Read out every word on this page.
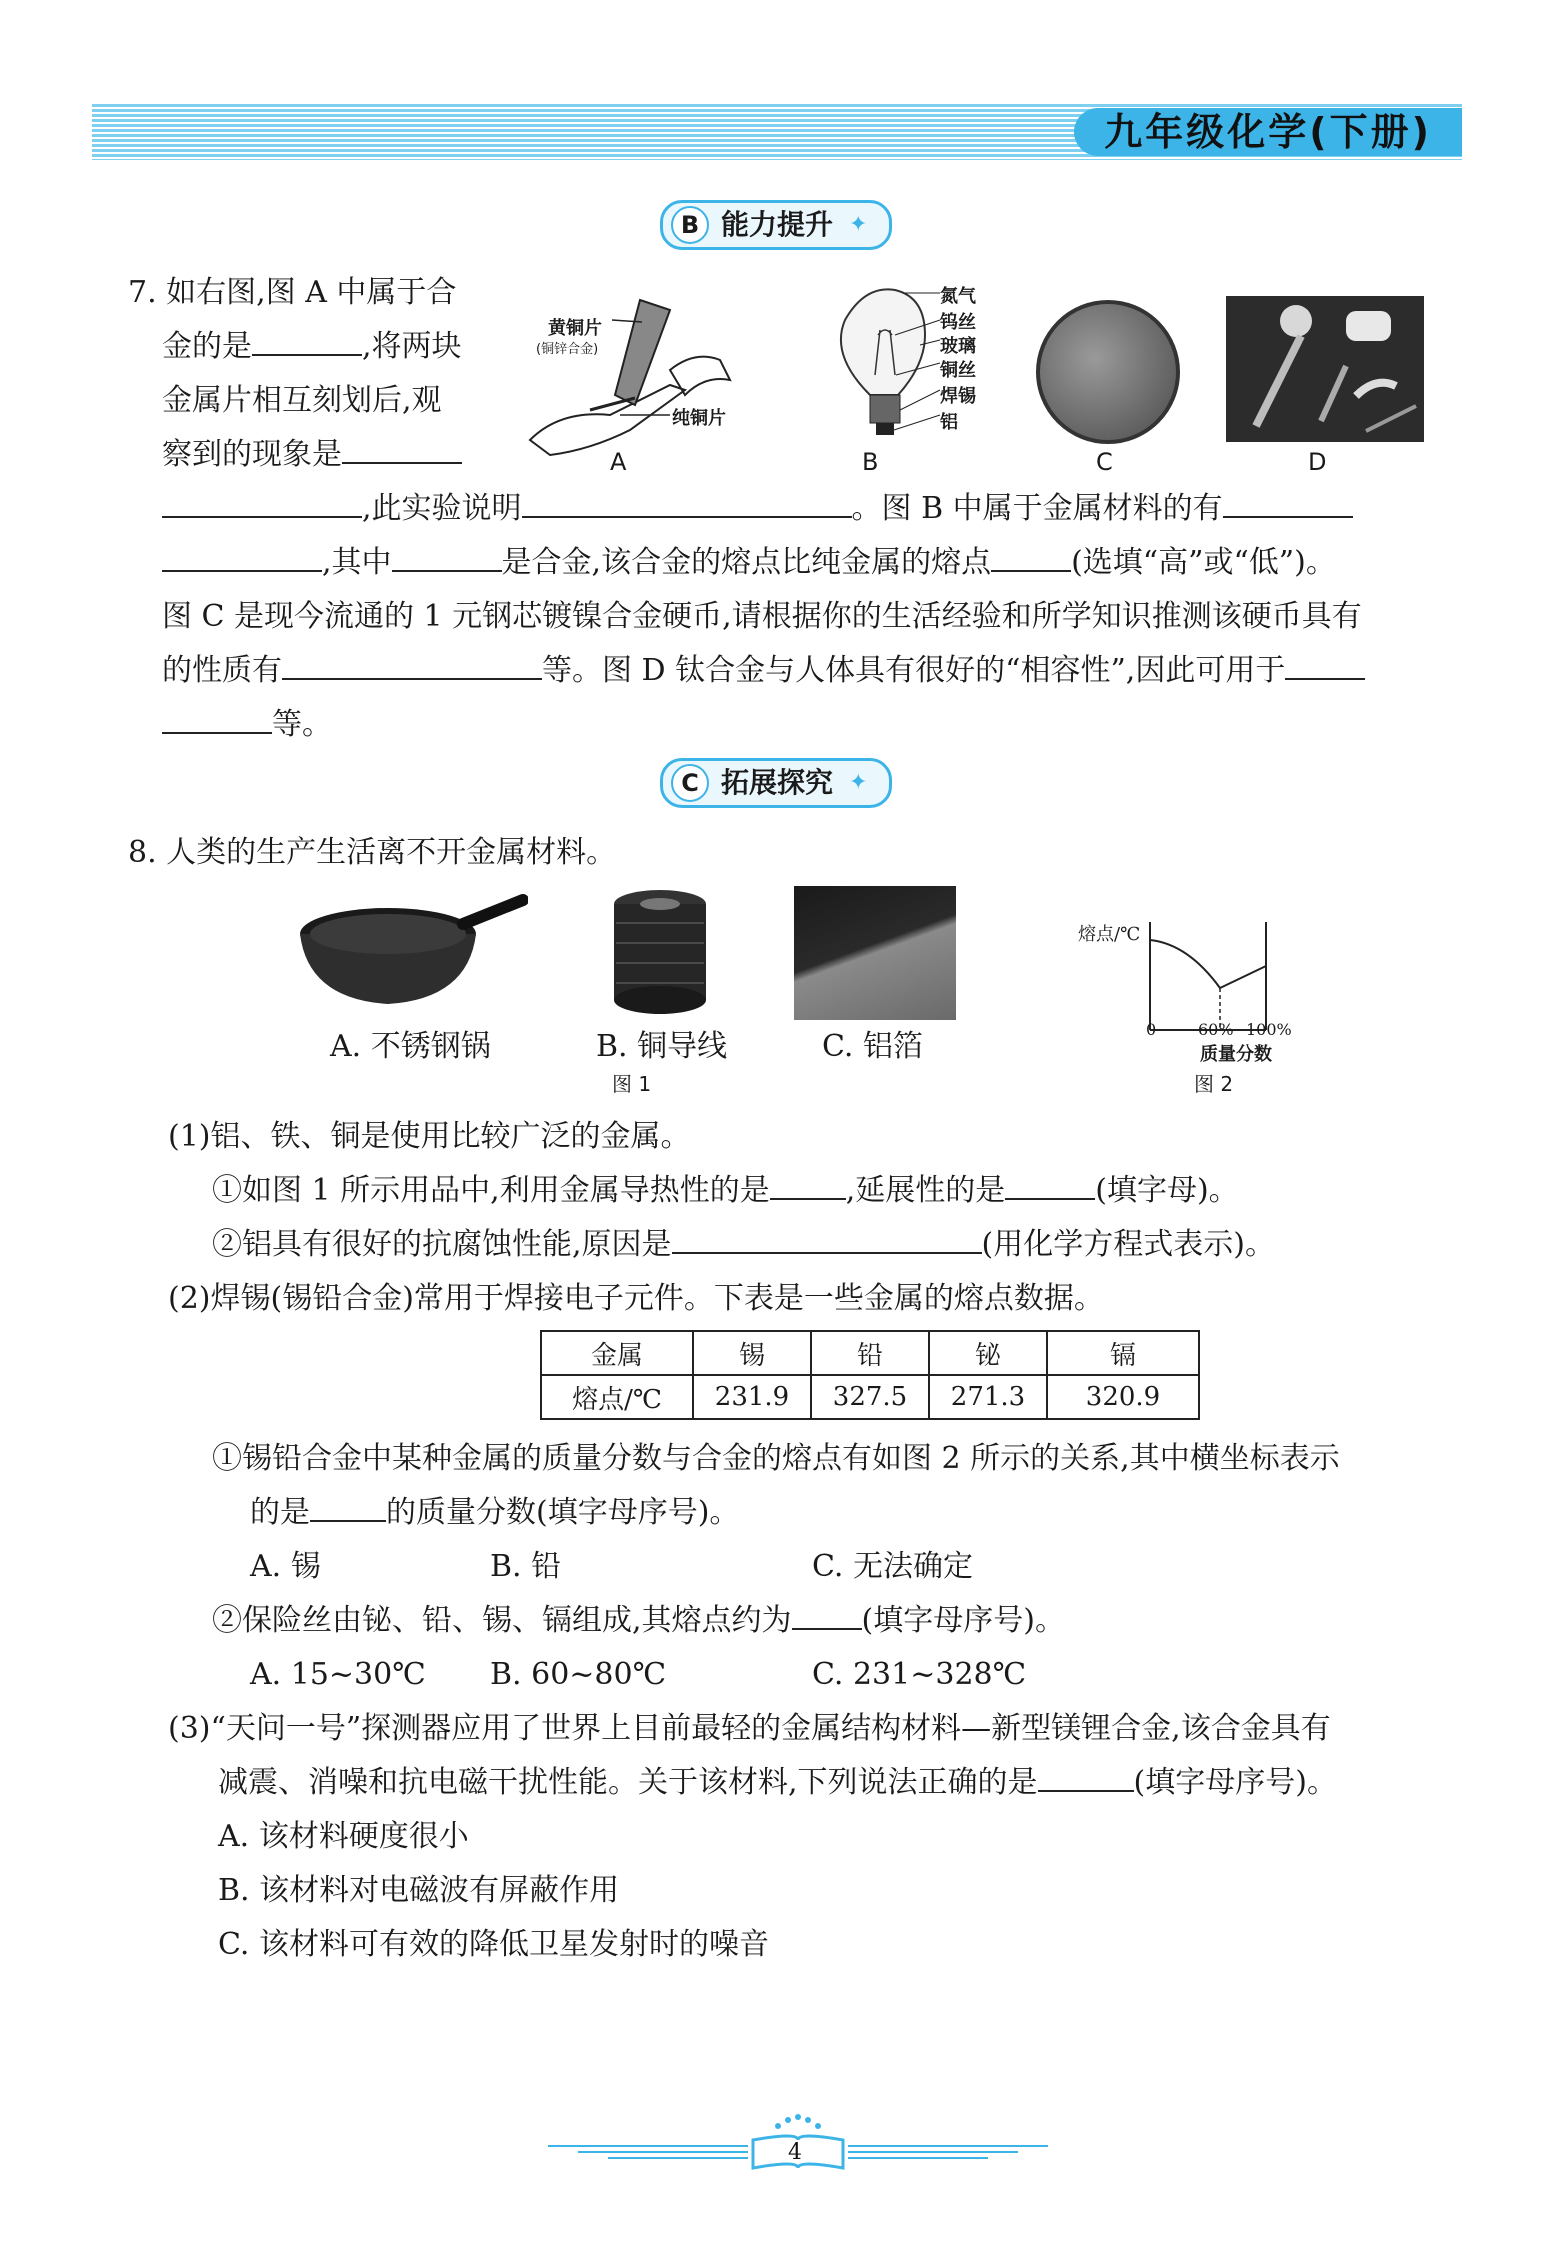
九年级化学(下册)
B 能力提升 ✦
7. 如右图,图 A 中属于合
金的是	,将两块
金属片相互刻划后,观
察到的现象是
,此实验说明	。图 B 中属于金属材料的有
,其中	是合金,该合金的熔点比纯金属的熔点	(选填“高”或“低”)。
图 C 是现今流通的 1 元钢芯镀镍合金硬币,请根据你的生活经验和所学知识推测该硬币具有
的性质有	等。图 D 钛合金与人体具有很好的“相容性”,因此可用于
等。
黄铜片
(铜锌合金)
纯铜片
A
氮气
钨丝
玻璃
铜丝
焊锡
铝
B	C	D
C 拓展探究 ✦
8. 人类的生产生活离不开金属材料。
A. 不锈钢锅	B. 铜导线	C. 铝箔
图 1
熔点/℃
0	60% 100%
质量分数
图 2
(1)铝、铁、铜是使用比较广泛的金属。
①如图 1 所示用品中,利用金属导热性的是	,延展性的是	(填字母)。
②铝具有很好的抗腐蚀性能,原因是	(用化学方程式表示)。
(2)焊锡(锡铅合金)常用于焊接电子元件。下表是一些金属的熔点数据。
金属	锡	铅	铋	镉
熔点/℃	231.9	327.5	271.3	320.9
①锡铅合金中某种金属的质量分数与合金的熔点有如图 2 所示的关系,其中横坐标表示
的是	的质量分数(填字母序号)。
A. 锡	B. 铅	C. 无法确定
②保险丝由铋、铅、锡、镉组成,其熔点约为 (填字母序号)。
A. 15~30℃ B. 60~80℃	C. 231~328℃
(3)“天问一号”探测器应用了世界上目前最轻的金属结构材料—新型镁锂合金,该合金具有
减震、消噪和抗电磁干扰性能。关于该材料,下列说法正确的是	(填字母序号)。
A. 该材料硬度很小
B. 该材料对电磁波有屏蔽作用
C. 该材料可有效的降低卫星发射时的噪音
4
